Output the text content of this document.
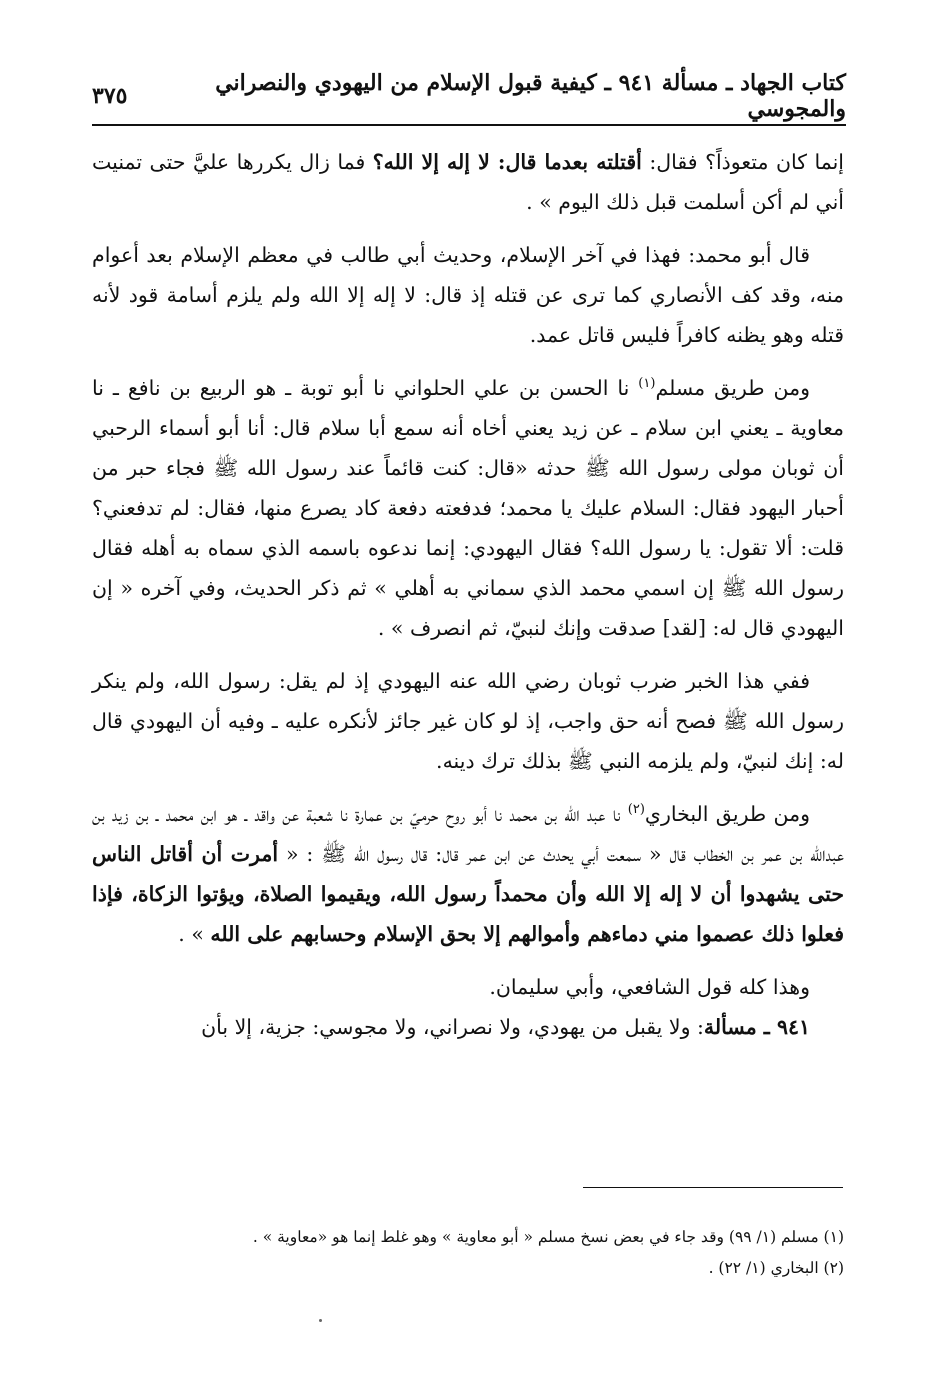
كتاب الجهاد ـ مسألة ٩٤١ ـ كيفية قبول الإسلام من اليهودي والنصراني والمجوسي
٣٧٥

إنما كان متعوذاً؟ فقال: أقتلته بعدما قال: لا إله إلا الله؟ فما زال يكررها عليَّ حتى تمنيت أني لم أكن أسلمت قبل ذلك اليوم » .

قال أبو محمد: فهذا في آخر الإسلام، وحديث أبي طالب في معظم الإسلام بعد أعوام منه، وقد كف الأنصاري كما ترى عن قتله إذ قال: لا إله إلا الله ولم يلزم أسامة قود لأنه قتله وهو يظنه كافراً فليس قاتل عمد.

ومن طريق مسلم$^{(١)}$ نا الحسن بن علي الحلواني نا أبو توبة ـ هو الربيع بن نافع ـ نا معاوية ـ يعني ابن سلام ـ عن زيد يعني أخاه أنه سمع أبا سلام قال: أنا أبو أسماء الرحبي أن ثوبان مولى رسول الله ﷺ حدثه «قال: كنت قائماً عند رسول الله ﷺ فجاء حبر من أحبار اليهود فقال: السلام عليك يا محمد؛ فدفعته دفعة كاد يصرع منها، فقال: لم تدفعني؟ قلت: ألا تقول: يا رسول الله؟ فقال اليهودي: إنما ندعوه باسمه الذي سماه به أهله فقال رسول الله ﷺ إن اسمي محمد الذي سماني به أهلي » ثم ذكر الحديث، وفي آخره « إن اليهودي قال له: [لقد] صدقت وإنك لنبيّ، ثم انصرف » .

ففي هذا الخبر ضرب ثوبان رضي الله عنه اليهودي إذ لم يقل: رسول الله، ولم ينكر رسول الله ﷺ فصح أنه حق واجب، إذ لو كان غير جائز لأنكره عليه ـ وفيه أن اليهودي قال له: إنك لنبيّ، ولم يلزمه النبي ﷺ بذلك ترك دينه.

ومن طريق البخاري$^{(٢)}$ نا عبد الله بن محمد نا أبو روح حرميّ بن عمارة نا شعبة عن واقد ـ هو ابن محمد ـ بن زيد بن عبدالله بن عمر بن الخطاب قال « سمعت أبي يحدث عن ابن عمر قال: قال رسول الله ﷺ : « أمرت أن أقاتل الناس حتى يشهدوا أن لا إله إلا الله وأن محمداً رسول الله، ويقيموا الصلاة، ويؤتوا الزكاة، فإذا فعلوا ذلك عصموا مني دماءهم وأموالهم إلا بحق الإسلام وحسابهم على الله » .

وهذا كله قول الشافعي، وأبي سليمان.

٩٤١ ـ مسألة: ولا يقبل من يهودي، ولا نصراني، ولا مجوسي: جزية، إلا بأن

(١) مسلم (١/ ٩٩) وقد جاء في بعض نسخ مسلم « أبو معاوية » وهو غلط إنما هو «معاوية » .

(٢) البخاري (١/ ٢٢) .
